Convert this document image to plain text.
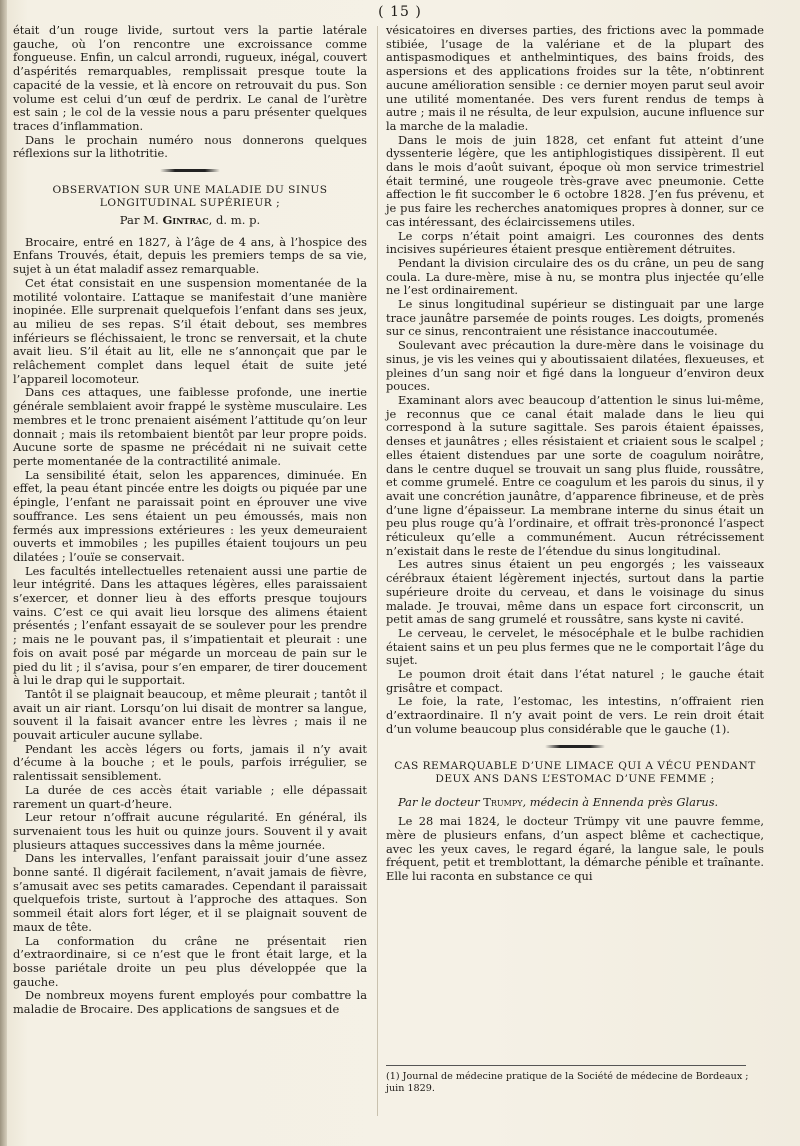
( 15 )

était d’un rouge livide, surtout vers la partie latérale gauche, où l’on rencontre une excroissance comme fongueuse. Enfin, un calcul arrondi, rugueux, inégal, couvert d’aspérités remarquables, remplissait presque toute la capacité de la vessie, et là encore on retrouvait du pus. Son volume est celui d’un œuf de perdrix. Le canal de l’urètre est sain ; le col de la vessie nous a paru présenter quelques traces d’inflammation.

Dans le prochain numéro nous donnerons quelques réflexions sur la lithotritie.

OBSERVATION SUR UNE MALADIE DU SINUS LONGITUDINAL SUPÉRIEUR ;
Par M. Gintrac, d. m. p.

Brocaire, entré en 1827, à l’âge de 4 ans, à l’hospice des Enfans Trouvés, était, depuis les premiers temps de sa vie, sujet à un état maladif assez remarquable.

Cet état consistait en une suspension momentanée de la motilité volontaire. L’attaque se manifestait d’une manière inopinée. Elle surprenait quelquefois l’enfant dans ses jeux, au milieu de ses repas. S’il était debout, ses membres inférieurs se fléchissaient, le tronc se renversait, et la chute avait lieu. S’il était au lit, elle ne s’annonçait que par le relâchement complet dans lequel était de suite jeté l’appareil locomoteur.

Dans ces attaques, une faiblesse profonde, une inertie générale semblaient avoir frappé le système musculaire. Les membres et le tronc prenaient aisément l’attitude qu’on leur donnait ; mais ils retombaient bientôt par leur propre poids. Aucune sorte de spasme ne précédait ni ne suivait cette perte momentanée de la contractilité animale.

La sensibilité était, selon les apparences, diminuée. En effet, la peau étant pincée entre les doigts ou piquée par une épingle, l’enfant ne paraissait point en éprouver une vive souffrance. Les sens étaient un peu émoussés, mais non fermés aux impressions extérieures : les yeux demeuraient ouverts et immobiles ; les pupilles étaient toujours un peu dilatées ; l’ouïe se conservait.

Les facultés intellectuelles retenaient aussi une partie de leur intégrité. Dans les attaques légères, elles paraissaient s’exercer, et donner lieu à des efforts presque toujours vains. C’est ce qui avait lieu lorsque des alimens étaient présentés ; l’enfant essayait de se soulever pour les prendre ; mais ne le pouvant pas, il s’impatientait et pleurait : une fois on avait posé par mégarde un morceau de pain sur le pied du lit ; il s’avisa, pour s’en emparer, de tirer doucement à lui le drap qui le supportait.

Tantôt il se plaignait beaucoup, et même pleurait ; tantôt il avait un air riant. Lorsqu’on lui disait de montrer sa langue, souvent il la faisait avancer entre les lèvres ; mais il ne pouvait articuler aucune syllabe.

Pendant les accès légers ou forts, jamais il n’y avait d’écume à la bouche ; et le pouls, parfois irrégulier, se ralentissait sensiblement.

La durée de ces accès était variable ; elle dépassait rarement un quart-d’heure.

Leur retour n’offrait aucune régularité. En général, ils survenaient tous les huit ou quinze jours. Souvent il y avait plusieurs attaques successives dans la même journée.

Dans les intervalles, l’enfant paraissait jouir d’une assez bonne santé. Il digérait facilement, n’avait jamais de fièvre, s’amusait avec ses petits camarades. Cependant il paraissait quelquefois triste, surtout à l’approche des attaques. Son sommeil était alors fort léger, et il se plaignait souvent de maux de tête.

La conformation du crâne ne présentait rien d’extraordinaire, si ce n’est que le front était large, et la bosse pariétale droite un peu plus développée que la gauche.

De nombreux moyens furent employés pour combattre la maladie de Brocaire. Des applications de sangsues et de

vésicatoires en diverses parties, des frictions avec la pommade stibiée, l’usage de la valériane et de la plupart des antispasmodiques et anthelmintiques, des bains froids, des aspersions et des applications froides sur la tête, n’obtinrent aucune amélioration sensible : ce dernier moyen parut seul avoir une utilité momentanée. Des vers furent rendus de temps à autre ; mais il ne résulta, de leur expulsion, aucune influence sur la marche de la maladie.

Dans le mois de juin 1828, cet enfant fut atteint d’une dyssenterie légère, que les antiphlogistiques dissipèrent. Il eut dans le mois d’août suivant, époque où mon service trimestriel était terminé, une rougeole très-grave avec pneumonie. Cette affection le fit succomber le 6 octobre 1828. J’en fus prévenu, et je pus faire les recherches anatomiques propres à donner, sur ce cas intéressant, des éclaircissemens utiles.

Le corps n’était point amaigri. Les couronnes des dents incisives supérieures étaient presque entièrement détruites.

Pendant la division circulaire des os du crâne, un peu de sang coula. La dure-mère, mise à nu, se montra plus injectée qu’elle ne l’est ordinairement.

Le sinus longitudinal supérieur se distinguait par une large trace jaunâtre parsemée de points rouges. Les doigts, promenés sur ce sinus, rencontraient une résistance inaccoutumée.

Soulevant avec précaution la dure-mère dans le voisinage du sinus, je vis les veines qui y aboutissaient dilatées, flexueuses, et pleines d’un sang noir et figé dans la longueur d’environ deux pouces.

Examinant alors avec beaucoup d’attention le sinus lui-même, je reconnus que ce canal était malade dans le lieu qui correspond à la suture sagittale. Ses parois étaient épaisses, denses et jaunâtres ; elles résistaient et criaient sous le scalpel ; elles étaient distendues par une sorte de coagulum noirâtre, dans le centre duquel se trouvait un sang plus fluide, roussâtre, et comme grumelé. Entre ce coagulum et les parois du sinus, il y avait une concrétion jaunâtre, d’apparence fibrineuse, et de près d’une ligne d’épaisseur. La membrane interne du sinus était un peu plus rouge qu’à l’ordinaire, et offrait très-prononcé l’aspect réticuleux qu’elle a communément. Aucun rétrécissement n’existait dans le reste de l’étendue du sinus longitudinal.

Les autres sinus étaient un peu engorgés ; les vaisseaux cérébraux étaient légèrement injectés, surtout dans la partie supérieure droite du cerveau, et dans le voisinage du sinus malade. Je trouvai, même dans un espace fort circonscrit, un petit amas de sang grumelé et roussâtre, sans kyste ni cavité.

Le cerveau, le cervelet, le mésocéphale et le bulbe rachidien étaient sains et un peu plus fermes que ne le comportait l’âge du sujet.

Le poumon droit était dans l’état naturel ; le gauche était grisâtre et compact.

Le foie, la rate, l’estomac, les intestins, n’offraient rien d’extraordinaire. Il n’y avait point de vers. Le rein droit était d’un volume beaucoup plus considérable que le gauche (1).

CAS REMARQUABLE D’UNE LIMACE QUI A VÉCU PENDANT DEUX ANS DANS L’ESTOMAC D’UNE FEMME ;
Par le docteur Trumpy, médecin à Ennenda près Glarus.

Le 28 mai 1824, le docteur Trümpy vit une pauvre femme, mère de plusieurs enfans, d’un aspect blême et cachectique, avec les yeux caves, le regard égaré, la langue sale, le pouls fréquent, petit et tremblottant, la démarche pénible et traînante. Elle lui raconta en substance ce qui

(1) Journal de médecine pratique de la Société de médecine de Bordeaux ; juin 1829.
